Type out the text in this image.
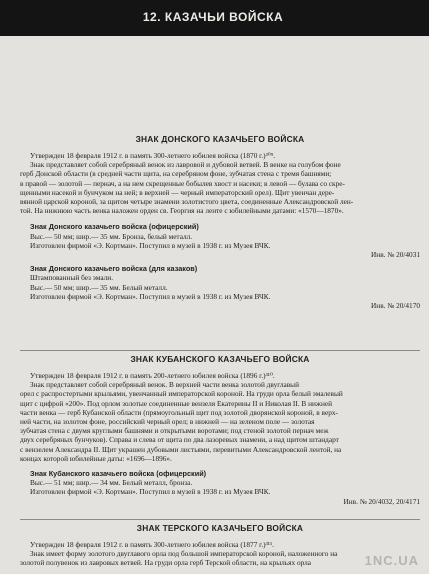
12. КАЗАЧЬИ ВОЙСКА
ЗНАК ДОНСКОГО КАЗАЧЬЕГО ВОЙСКА

Утвержден 18 февраля 1912 г. в память 300-летнего юбилея войска (1870 г.)³⁰⁹.

Знак представляет собой серебряный венок из лавровой и дубовой ветвей. В венке на голубом фоне

герб Донской области (в средней части щита, на серебряном фоне, зубчатая стена с тремя башнями;

в правой — золотой — пернач, а на нем скрещенные бобылев хвост и насеки; в левой — булава со скре-

щенными насекой и бунчуком на ней; в верхней — черный императорский орел). Щит увенчан дере-

вянной царской короной, за щитом четыре знамени золотистого цвета, соединенные Александровской лен-

той. На нижнюю часть венка наложен орден св. Георгия на ленте с юбилейными датами: «1570—1870».

Знак Донского казачьего войска (офицерский)

Выс.— 50 мм; шир.— 35 мм. Бронза, белый металл.

Изготовлен фирмой «Э. Кортман». Поступил в музей в 1938 г. из Музея ВЧК.

Инв. № 20/4031

Знак Донского казачьего войска (для казаков)

Штампованный без эмали.

Выс.— 50 мм; шир.— 35 мм. Белый металл.

Изготовлен фирмой «Э. Кортман». Поступил в музей в 1938 г. из Музея ВЧК.

Инв. № 20/4170

ЗНАК КУБАНСКОГО КАЗАЧЬЕГО ВОЙСКА

Утвержден 18 февраля 1912 г. в память 200-летнего юбилея войска (1896 г.)³¹⁰.

Знак представляет собой серебряный венок. В верхней части венка золотой двуглавый

орел с распростертыми крыльями, увенчанный императорской короной. На груди орла белый эмалевый

щит с цифрой «200». Под орлом золотые соединенные вензеля Екатерины II и Николая II. В нижней

части венка — герб Кубанской области (прямоугольный щит под золотой дворянской короной, в верх-

ней части, на золотом фоне, российский черный орел; в нижней — на зеленом поле — золотая

зубчатая стена с двумя круглыми башнями и открытыми воротами; под стеной золотой пернач меж

двух серебряных бунчуков). Справа и слева от щита по два лазоревых знамени, а над щитом штандарт

с вензелем Александра II. Щит украшен дубовыми листьями, перевитыми Александровской лентой, на

концах которой юбилейные даты: «1696—1896».

Знак Кубанского казачьего войска (офицерский)

Выс.— 51 мм; шир.— 34 мм. Белый металл, бронза.

Изготовлен фирмой «Э. Кортман». Поступил в музей в 1938 г. из Музея ВЧК.

Инв. № 20/4032, 20/4171

ЗНАК ТЕРСКОГО КАЗАЧЬЕГО ВОЙСКА

Утвержден 18 февраля 1912 г. в память 300-летнего юбилея войска (1877 г.)³¹¹.

Знак имеет форму золотого двуглавого орла под большой императорской короной, наложенного на

золотой полувенок из лавровых ветвей. На груди орла герб Терской области, на крыльях орла	1NC.UA
